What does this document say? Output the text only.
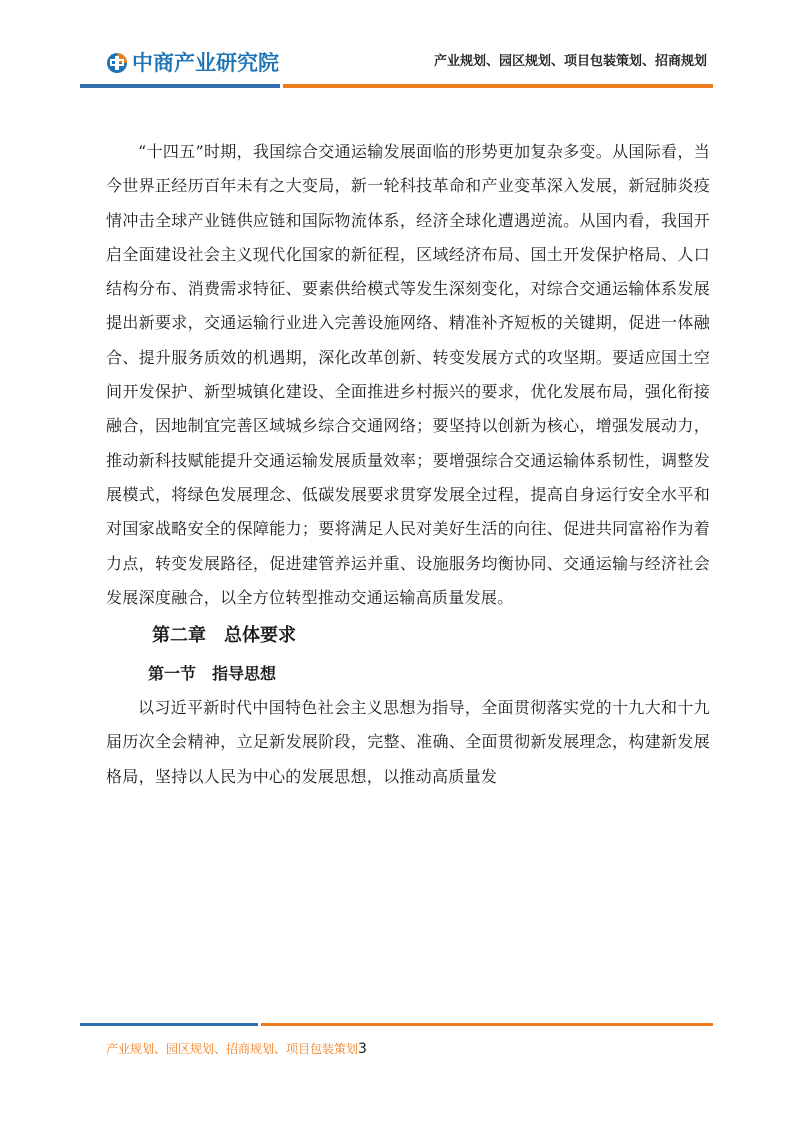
中商产业研究院	产业规划、园区规划、项目包装策划、招商规划

“十四五”时期，我国综合交通运输发展面临的形势更加复杂多变。从国际看，当今世界正经历百年未有之大变局，新一轮科技革命和产业变革深入发展，新冠肺炎疫情冲击全球产业链供应链和国际物流体系，经济全球化遭遇逆流。从国内看，我国开启全面建设社会主义现代化国家的新征程，区域经济布局、国土开发保护格局、人口结构分布、消费需求特征、要素供给模式等发生深刻变化，对综合交通运输体系发展提出新要求，交通运输行业进入完善设施网络、精准补齐短板的关键期，促进一体融合、提升服务质效的机遇期，深化改革创新、转变发展方式的攻坚期。要适应国土空间开发保护、新型城镇化建设、全面推进乡村振兴的要求，优化发展布局，强化衔接融合，因地制宜完善区域城乡综合交通网络；要坚持以创新为核心，增强发展动力，推动新科技赋能提升交通运输发展质量效率；要增强综合交通运输体系韧性，调整发展模式，将绿色发展理念、低碳发展要求贯穿发展全过程，提高自身运行安全水平和对国家战略安全的保障能力；要将满足人民对美好生活的向往、促进共同富裕作为着力点，转变发展路径，促进建管养运并重、设施服务均衡协同、交通运输与经济社会发展深度融合，以全方位转型推动交通运输高质量发展。

第二章　总体要求
第一节　指导思想

以习近平新时代中国特色社会主义思想为指导，全面贯彻落实党的十九大和十九届历次全会精神，立足新发展阶段，完整、准确、全面贯彻新发展理念，构建新发展格局，坚持以人民为中心的发展思想，以推动高质量发

产业规划、园区规划、招商规划、项目包装策划3
